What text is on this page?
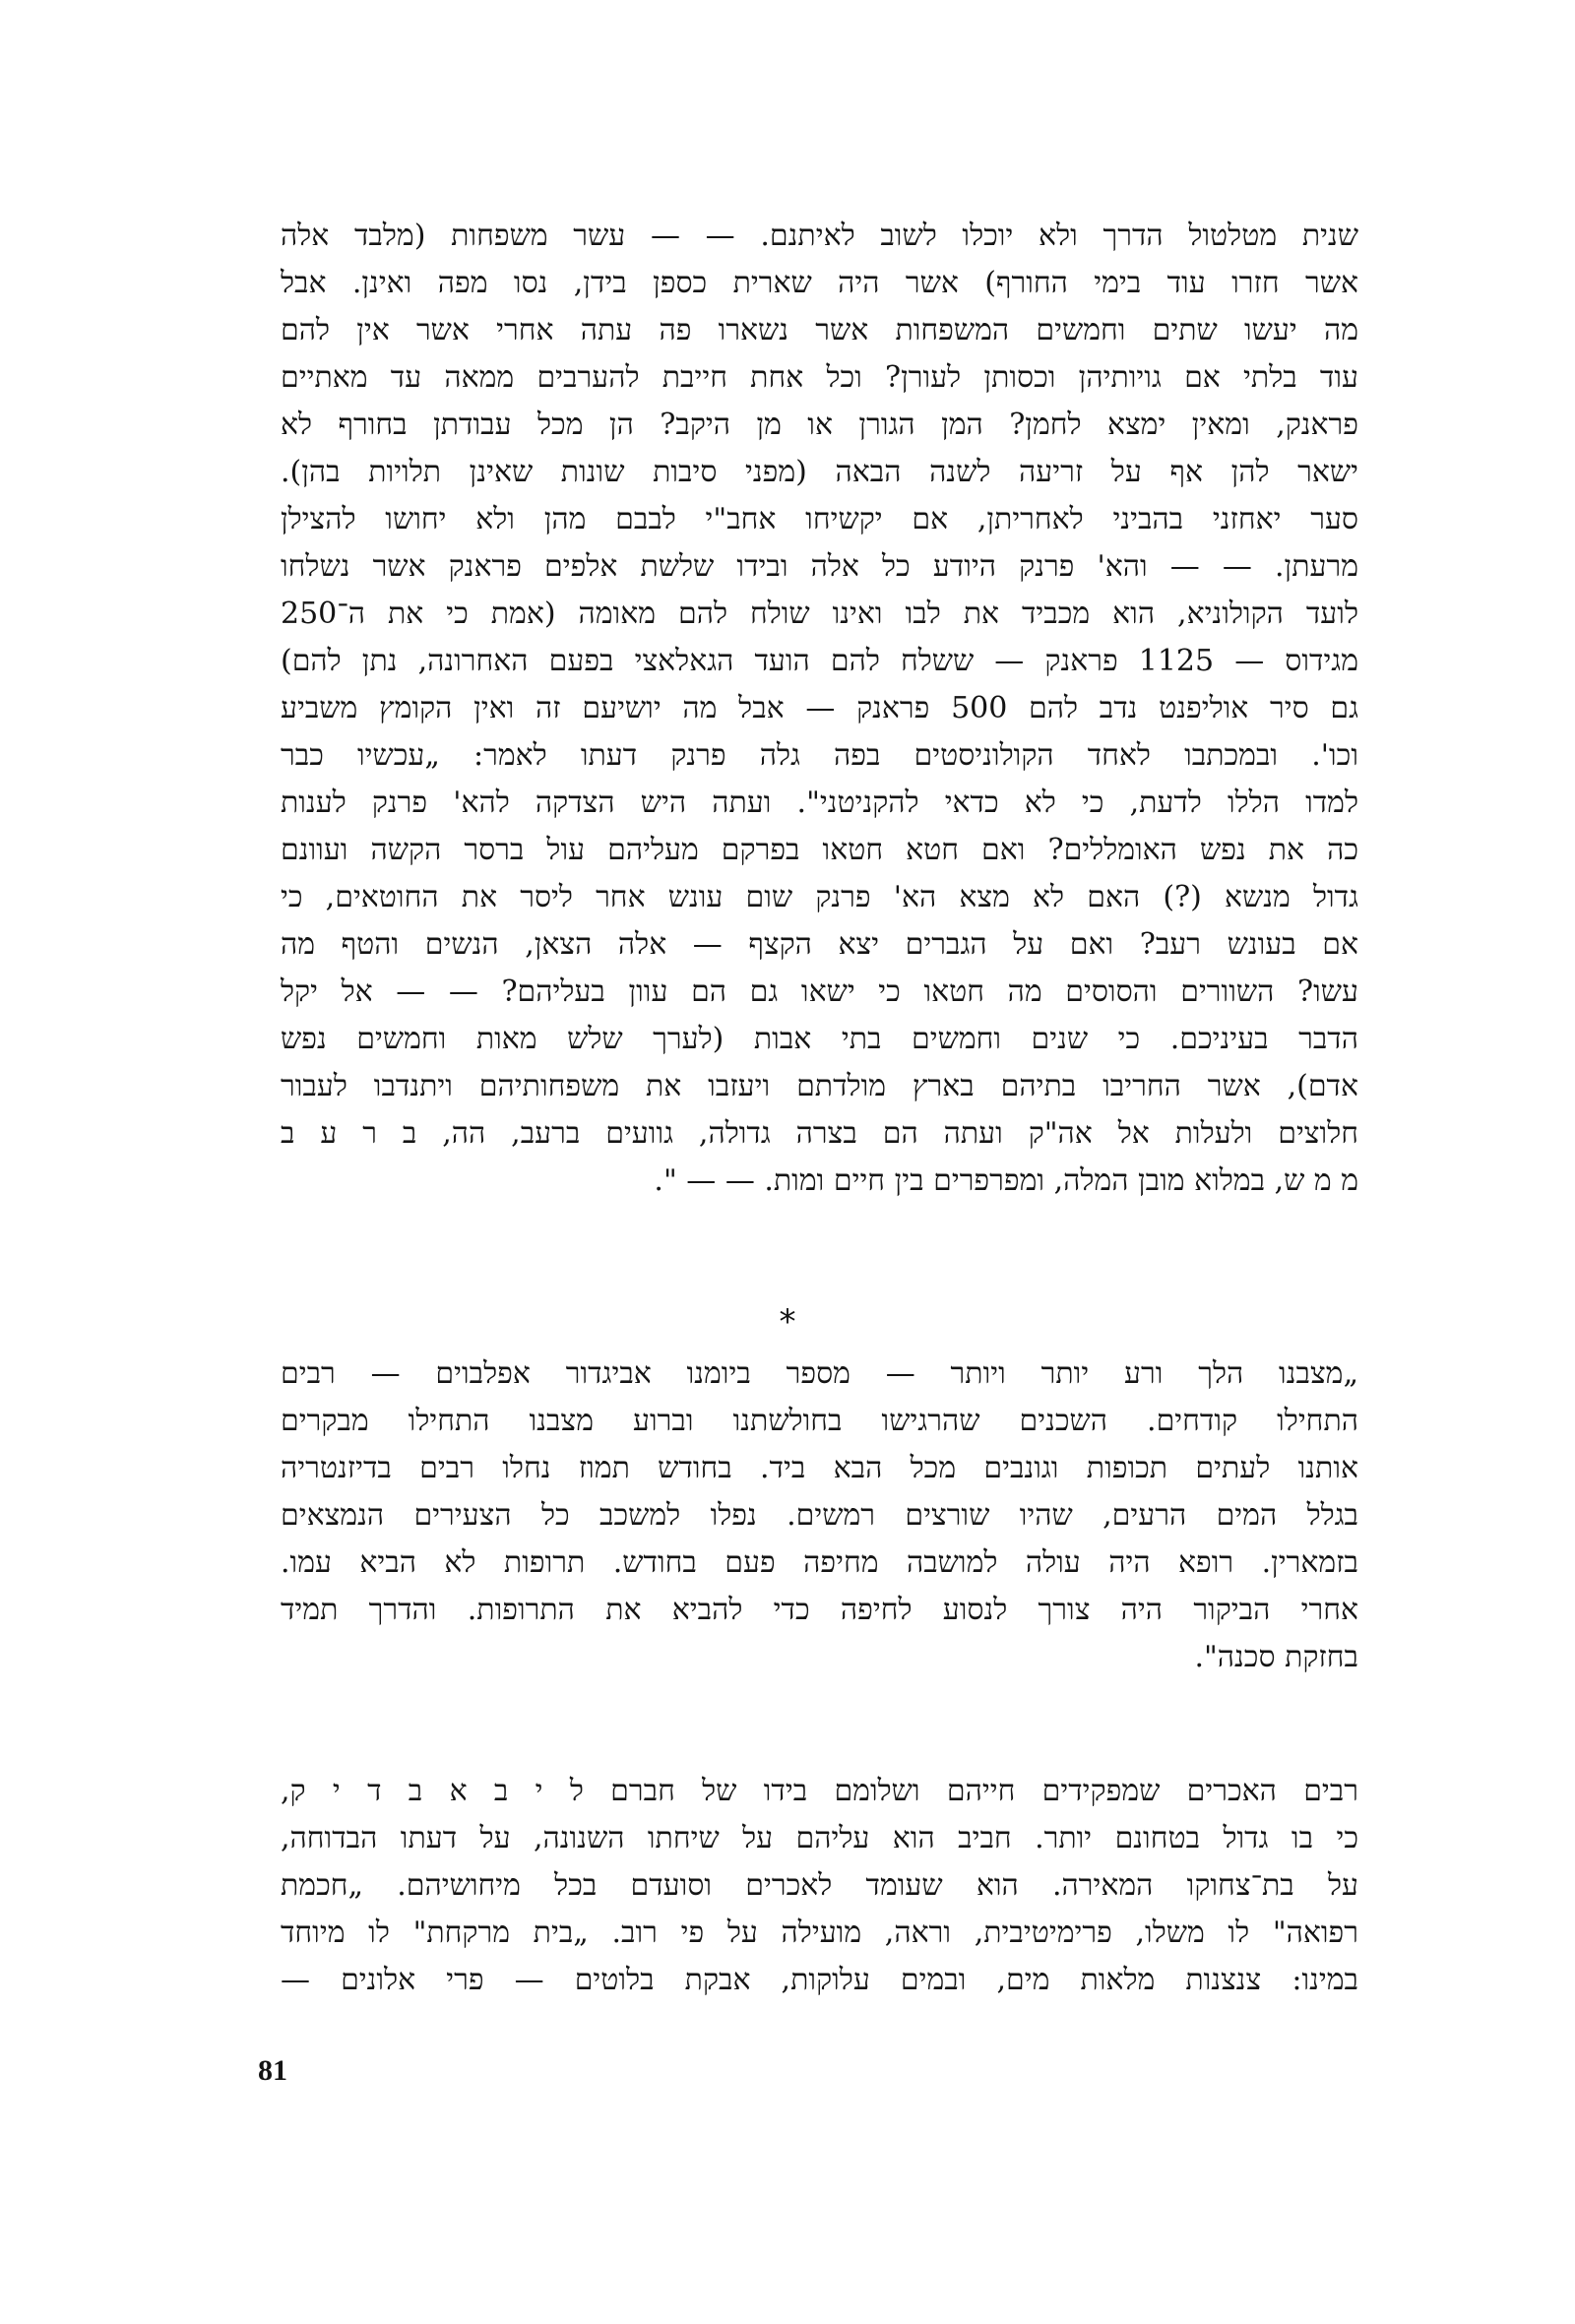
שנית מטלטול הדרך ולא יוכלו לשוב לאיתנם. — — עשר משפחות (מלבד אלה
אשר חזרו עוד בימי החורף) אשר היה שארית כספן בידן, נסו מפה ואינן. אבל
מה יעשו שתים וחמשים המשפחות אשר נשארו פה עתה אחרי אשר אין להם
עוד בלתי אם גויותיהן וכסותן לעורן? וכל אחת חייבת להערבים ממאה עד מאתיים
פראנק, ומאין ימצא לחמן? המן הגורן או מן היקב? הן מכל עבודתן בחורף לא
ישאר להן אף על זריעה לשנה הבאה (מפני סיבות שונות שאינן תלויות בהן).
סער יאחזני בהביני לאחריתן, אם יקשיחו אחב"י לבבם מהן ולא יחושו להצילן
מרעתן. — — והא' פרנק היודע כל אלה ובידו שלשת אלפים פראנק אשר נשלחו
לועד הקולוניא, הוא מכביד את לבו ואינו שולח להם מאומה (אמת כי את ה־250
מגידוס — 1125 פראנק — ששלח להם הועד הגאלאצי בפעם האחרונה, נתן להם)
גם סיר אוליפנט נדב להם 500 פראנק — אבל מה יושיעם זה ואין הקומץ משביע
וכו'. ובמכתבו לאחד הקולוניסטים בפה גלה פרנק דעתו לאמר: „עכשיו כבר
למדו הללו לדעת, כי לא כדאי להקניטני". ועתה היש הצדקה להא' פרנק לענות
כה את נפש האומללים? ואם חטא חטאו בפרקם מעליהם עול ברסר הקשה ועוונם
גדול מנשא (?) האם לא מצא הא' פרנק שום עונש אחר ליסר את החוטאים, כי
אם בעונש רעב? ואם על הגברים יצא הקצף — אלה הצאן, הנשים והטף מה
עשו? השוורים והסוסים מה חטאו כי ישאו גם הם עוון בעליהם? — — אל יקל
הדבר בעיניכם. כי שנים וחמשים בתי אבות (לערך שלש מאות וחמשים נפש
אדם), אשר החריבו בתיהם בארץ מולדתם ויעזבו את משפחותיהם ויתנדבו לעבור
חלוצים ולעלות אל אה"ק ועתה הם בצרה גדולה, גוועים ברעב, הה, ב ר ע ב
מ מ ש, במלוא מובן המלה, ומפרפרים בין חיים ומות. — — ".
*
„מצבנו הלך ורע יותר ויותר — מספר ביומנו אביגדור אפלבוים — רבים
התחילו קודחים. השכנים שהרגישו בחולשתנו וברוע מצבנו התחילו מבקרים
אותנו לעתים תכופות וגונבים מכל הבא ביד. בחודש תמוז נחלו רבים בדיזנטריה
בגלל המים הרעים, שהיו שורצים רמשים. נפלו למשכב כל הצעירים הנמצאים
בזמארין. רופא היה עולה למושבה מחיפה פעם בחודש. תרופות לא הביא עמו.
אחרי הביקור היה צורך לנסוע לחיפה כדי להביא את התרופות. והדרך תמיד
בחזקת סכנה".
רבים האכרים שמפקידים חייהם ושלומם בידו של חברם ל י ב א ב ד י ק,
כי בו גדול בטחונם יותר. חביב הוא עליהם על שיחתו השנונה, על דעתו הבדוחה,
על בת־צחוקו המאירה. הוא שעומד לאכרים וסועדם בכל מיחושיהם. „חכמת
רפואה" לו משלו, פרימיטיבית, וראה, מועילה על פי רוב. „בית מרקחת" לו מיוחד
במינו: צנצנות מלאות מים, ובמים עלוקות, אבקת בלוטים — פרי אלונים —
81
